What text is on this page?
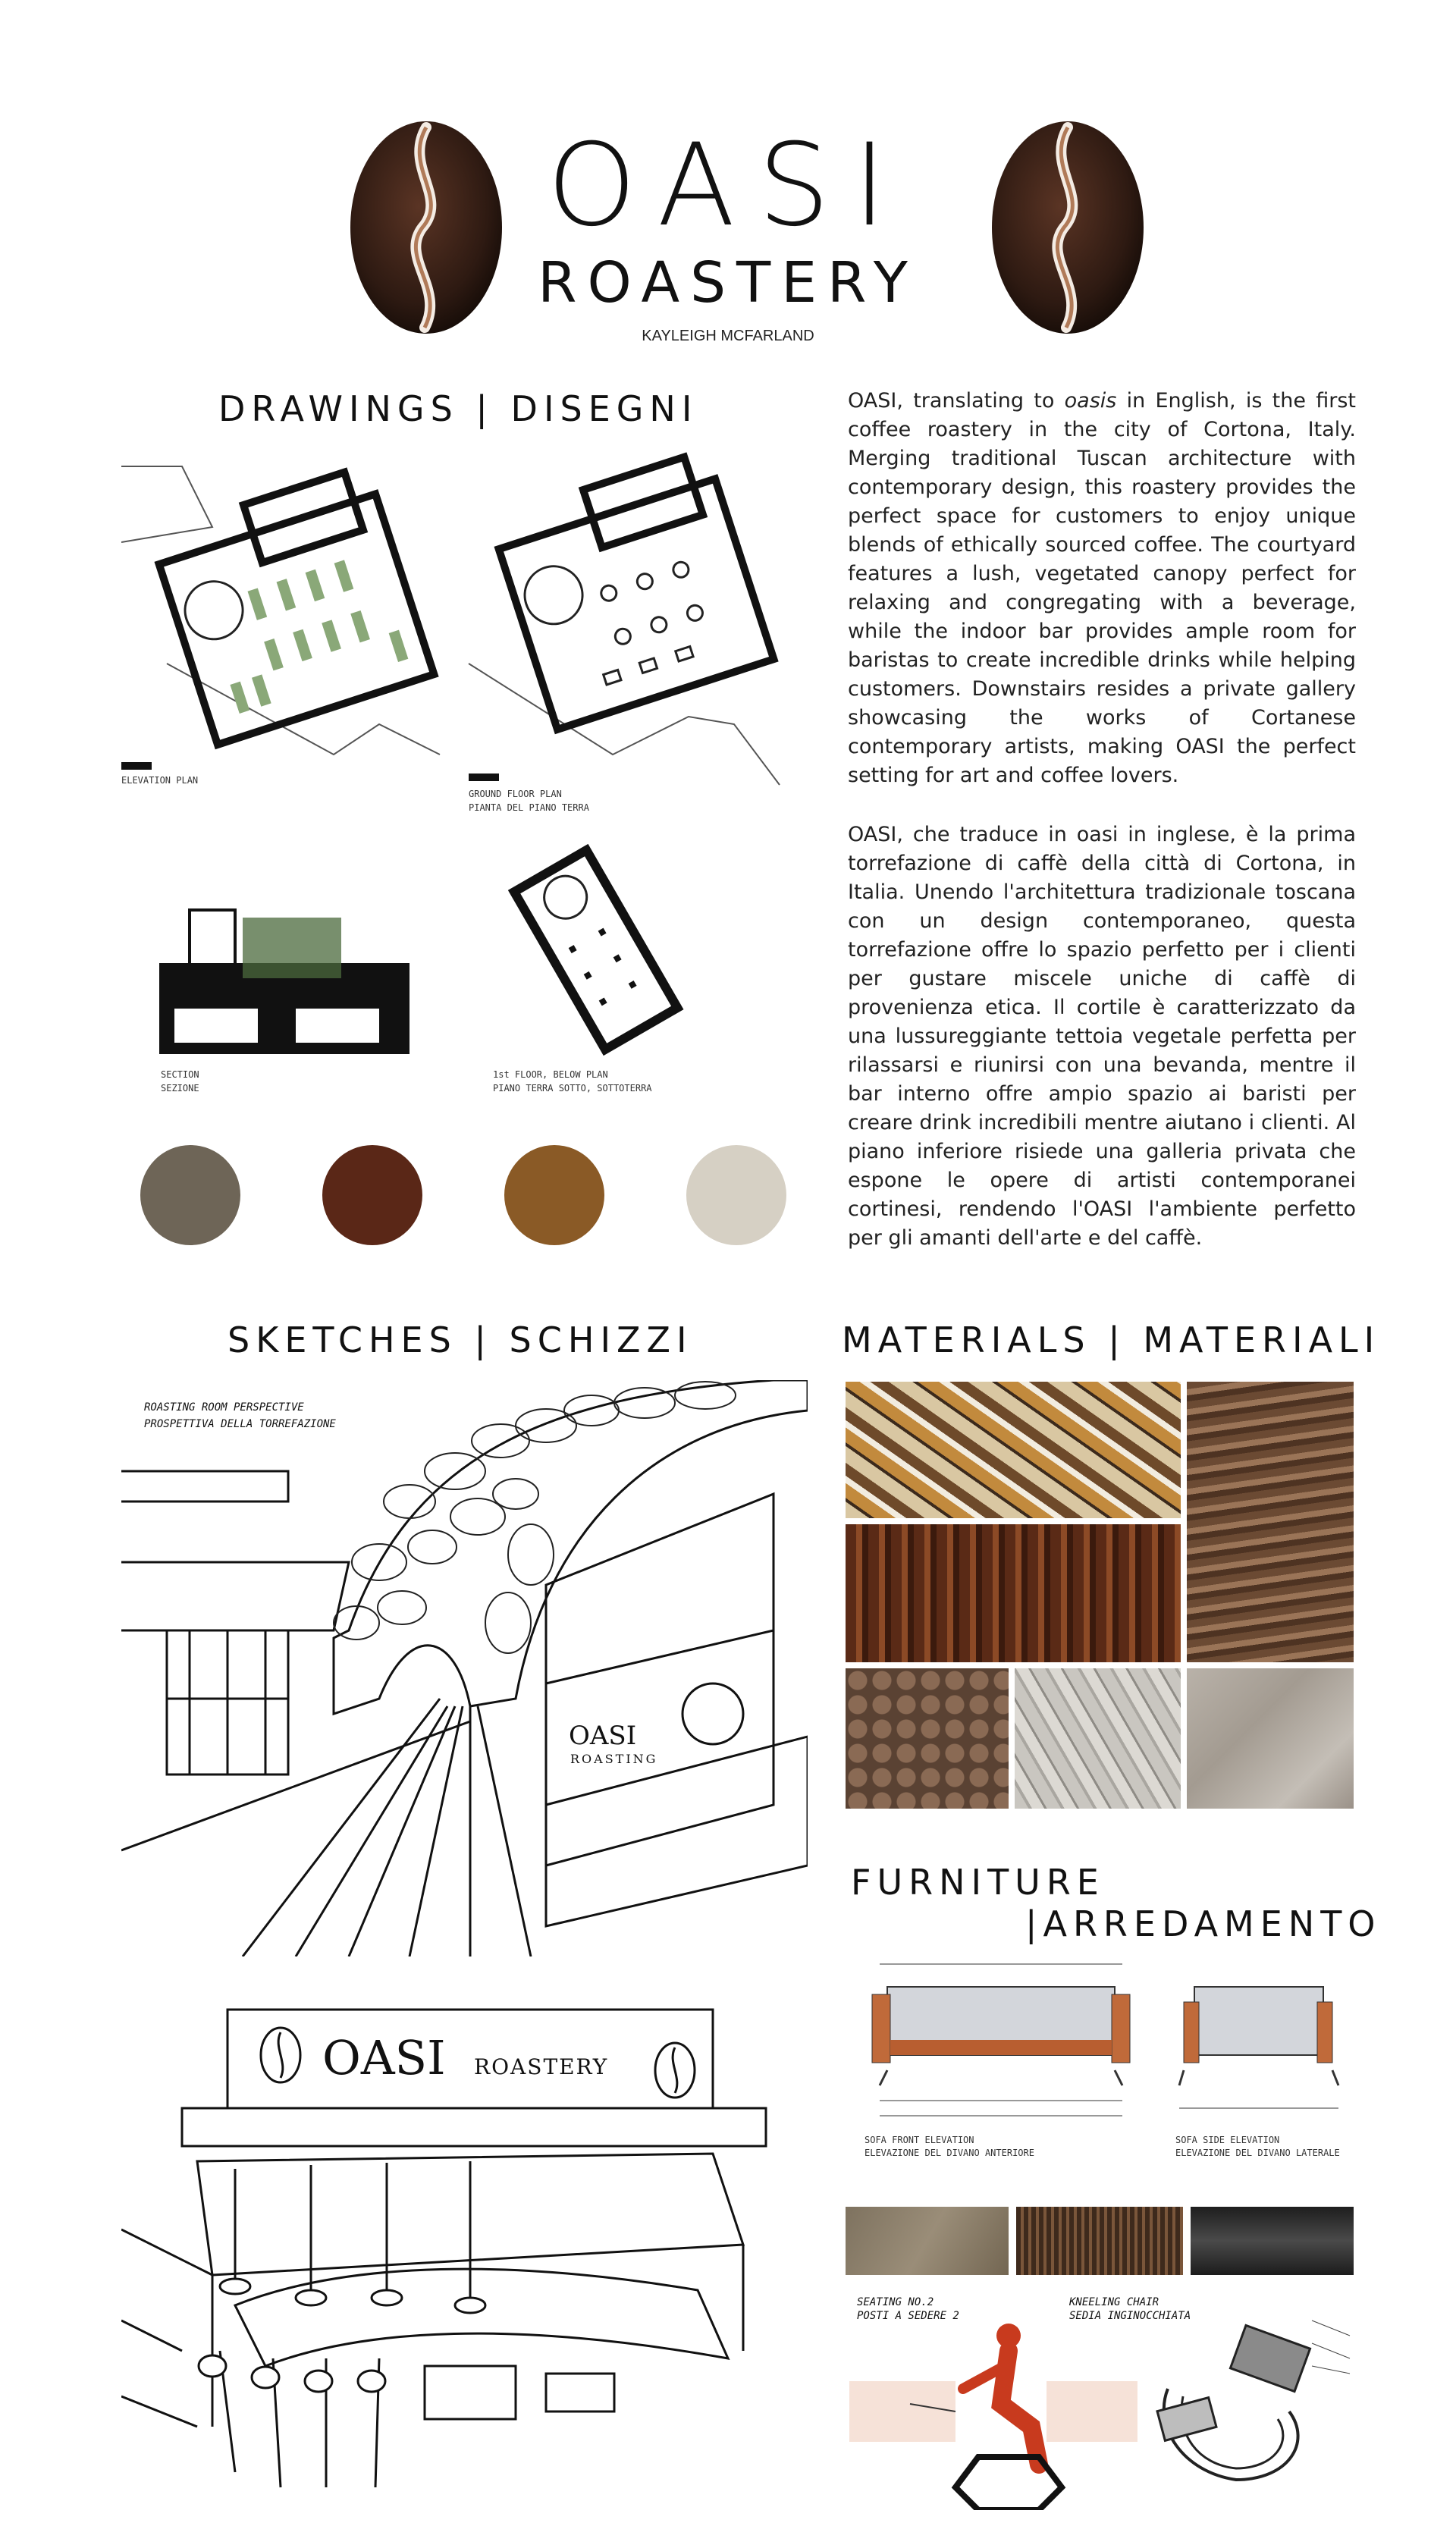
OASI
ROASTERY
KAYLEIGH MCFARLAND
DRAWINGS | DISEGNI
ELEVATION PLAN
GROUND FLOOR PLAN
PIANTA DEL PIANO TERRA
SECTION
SEZIONE
1st FLOOR, BELOW PLAN
PIANO TERRA SOTTO, SOTTOTERRA

OASI, translating to oasis in English, is the first coffee roastery in the city of Cortona, Italy. Merging traditional Tuscan architecture with contemporary design, this roastery provides the perfect space for customers to enjoy unique blends of ethically sourced coffee. The courtyard features a lush, vegetated canopy perfect for relaxing and congregating with a beverage, while the indoor bar provides ample room for baristas to create incredible drinks while helping customers. Downstairs resides a private gallery showcasing the works of Cortanese contemporary artists, making OASI the perfect setting for art and coffee lovers.

OASI, che traduce in oasi in inglese, è la prima torrefazione di caffè della città di Cortona, in Italia. Unendo l'architettura tradizionale toscana con un design contemporaneo, questa torrefazione offre lo spazio perfetto per i clienti per gustare miscele uniche di caffè di provenienza etica. Il cortile è caratterizzato da una lussureggiante tettoia vegetale perfetta per rilassarsi e riunirsi con una bevanda, mentre il bar interno offre ampio spazio ai baristi per creare drink incredibili mentre aiutano i clienti. Al piano inferiore risiede una galleria privata che espone le opere di artisti contemporanei cortinesi, rendendo l'OASI l'ambiente perfetto per gli amanti dell'arte e del caffè.

SKETCHES | SCHIZZI
OASI
ROASTING
ROASTING ROOM PERSPECTIVE
PROSPETTIVA DELLA TORREFAZIONE
OASI ROASTERY
MATERIALS | MATERIALI
FURNITURE
|ARREDAMENTO
SOFA FRONT ELEVATION
ELEVAZIONE DEL DIVANO ANTERIORE
SOFA SIDE ELEVATION
ELEVAZIONE DEL DIVANO LATERALE
SEATING NO.2
POSTI A SEDERE 2
KNEELING CHAIR
SEDIA INGINOCCHIATA
